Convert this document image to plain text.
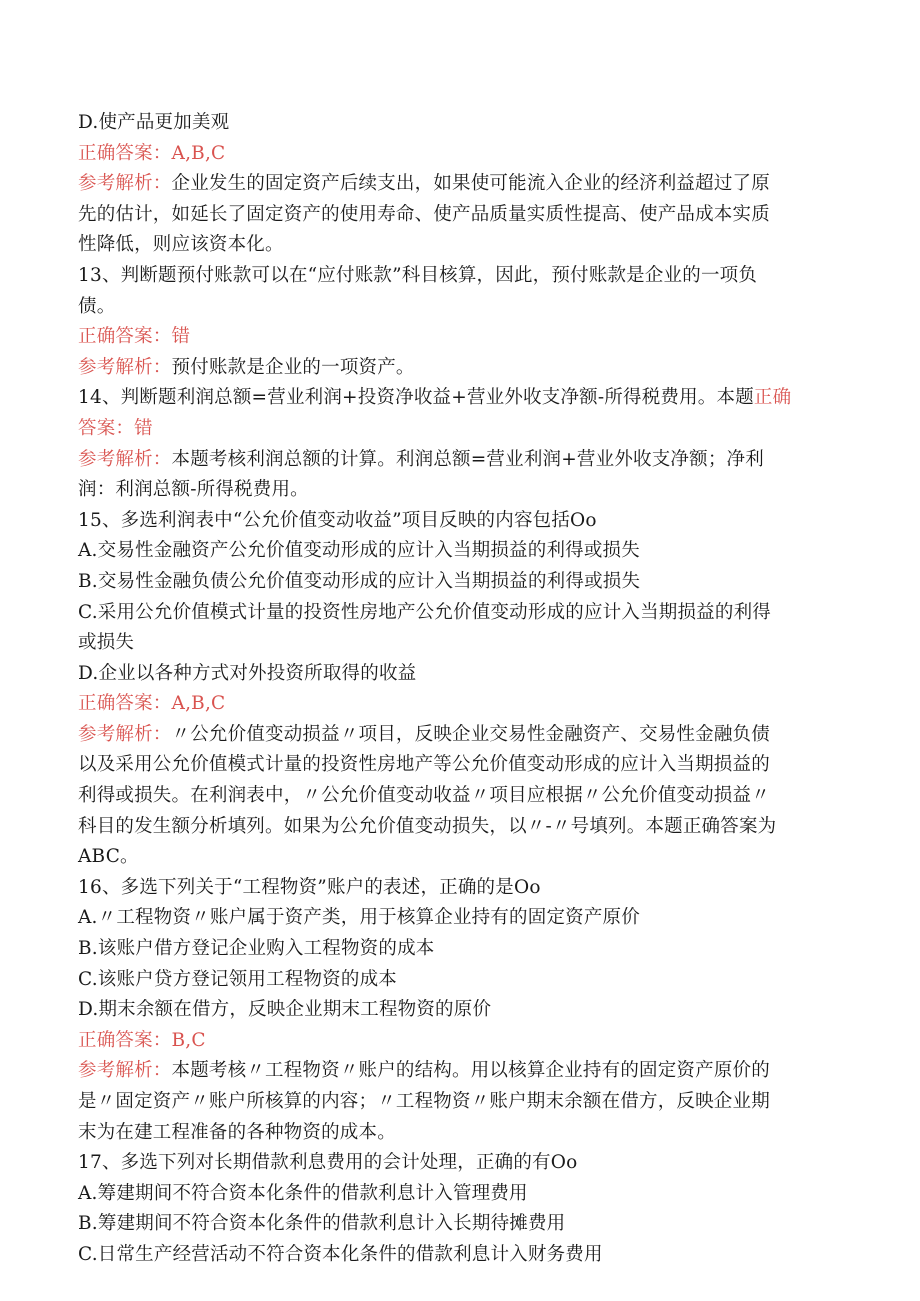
D.使产品更加美观
正确答案：A,B,C
参考解析：企业发生的固定资产后续支出，如果使可能流入企业的经济利益超过了原
先的估计，如延长了固定资产的使用寿命、使产品质量实质性提高、使产品成本实质
性降低，则应该资本化。
13、判断题预付账款可以在“应付账款”科目核算，因此，预付账款是企业的一项负
债。
正确答案：错
参考解析：预付账款是企业的一项资产。
14、判断题利润总额=营业利润+投资净收益+营业外收支净额-所得税费用。本题正确
答案：错
参考解析：本题考核利润总额的计算。利润总额=营业利润+营业外收支净额；净利
润：利润总额-所得税费用。
15、多选利润表中“公允价值变动收益”项目反映的内容包括Oo
A.交易性金融资产公允价值变动形成的应计入当期损益的利得或损失
B.交易性金融负债公允价值变动形成的应计入当期损益的利得或损失
C.采用公允价值模式计量的投资性房地产公允价值变动形成的应计入当期损益的利得
或损失
D.企业以各种方式对外投资所取得的收益
正确答案：A,B,C
参考解析：〃公允价值变动损益〃项目，反映企业交易性金融资产、交易性金融负债
以及采用公允价值模式计量的投资性房地产等公允价值变动形成的应计入当期损益的
利得或损失。在利润表中，〃公允价值变动收益〃项目应根据〃公允价值变动损益〃
科目的发生额分析填列。如果为公允价值变动损失，以〃-〃号填列。本题正确答案为
ABC。
16、多选下列关于“工程物资”账户的表述，正确的是Oo
A.〃工程物资〃账户属于资产类，用于核算企业持有的固定资产原价
B.该账户借方登记企业购入工程物资的成本
C.该账户贷方登记领用工程物资的成本
D.期末余额在借方，反映企业期末工程物资的原价
正确答案：B,C
参考解析：本题考核〃工程物资〃账户的结构。用以核算企业持有的固定资产原价的
是〃固定资产〃账户所核算的内容；〃工程物资〃账户期末余额在借方，反映企业期
末为在建工程准备的各种物资的成本。
17、多选下列对长期借款利息费用的会计处理，正确的有Oo
A.筹建期间不符合资本化条件的借款利息计入管理费用
B.筹建期间不符合资本化条件的借款利息计入长期待摊费用
C.日常生产经营活动不符合资本化条件的借款利息计入财务费用
